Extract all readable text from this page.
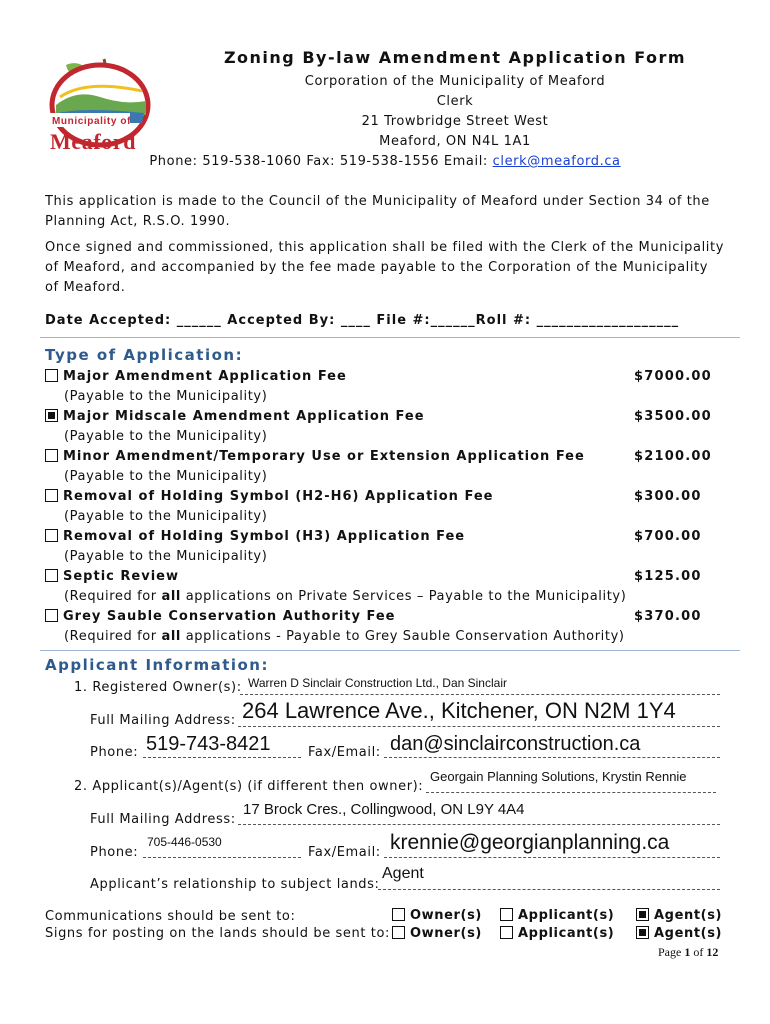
Municipality of
Meaford
Zoning By-law Amendment Application Form
Corporation of the Municipality of Meaford
Clerk
21 Trowbridge Street West
Meaford, ON N4L 1A1
Phone: 519-538-1060 Fax: 519-538-1556 Email: clerk@meaford.ca
This application is made to the Council of the Municipality of Meaford under Section 34 of the Planning Act, R.S.O. 1990.
Once signed and commissioned, this application shall be filed with the Clerk of the Municipality of Meaford, and accompanied by the fee made payable to the Corporation of the Municipality of Meaford.
Date Accepted: ______ Accepted By: ____ File #:______Roll #: ___________________
Type of Application:
Major Amendment Application Fee	$7000.00
(Payable to the Municipality)
Major Midscale Amendment Application Fee	$3500.00
(Payable to the Municipality)
Minor Amendment/Temporary Use or Extension Application Fee	$2100.00
(Payable to the Municipality)
Removal of Holding Symbol (H2-H6) Application Fee	$300.00
(Payable to the Municipality)
Removal of Holding Symbol (H3) Application Fee	$700.00
(Payable to the Municipality)
Septic Review	$125.00
(Required for all applications on Private Services – Payable to the Municipality)
Grey Sauble Conservation Authority Fee	$370.00
(Required for all applications - Payable to Grey Sauble Conservation Authority)
Applicant Information:
1. Registered Owner(s): Warren D Sinclair Construction Ltd., Dan Sinclair
Full Mailing Address: 264 Lawrence Ave., Kitchener, ON N2M 1Y4
Phone: 519-743-8421	Fax/Email: dan@sinclairconstruction.ca
2. Applicant(s)/Agent(s) (if different then owner):
Georgain Planning Solutions, Krystin Rennie
Full Mailing Address:
17 Brock Cres., Collingwood, ON L9Y 4A4
Phone:
705-446-0530
Fax/Email: krennie@georgianplanning.ca
Applicant’s relationship to subject lands:
Agent
Communications should be sent to:
Signs for posting on the lands should be sent to:
Owner(s)	Applicant(s)	Agent(s)
Owner(s)	Applicant(s)	Agent(s)
Page 1 of 12
